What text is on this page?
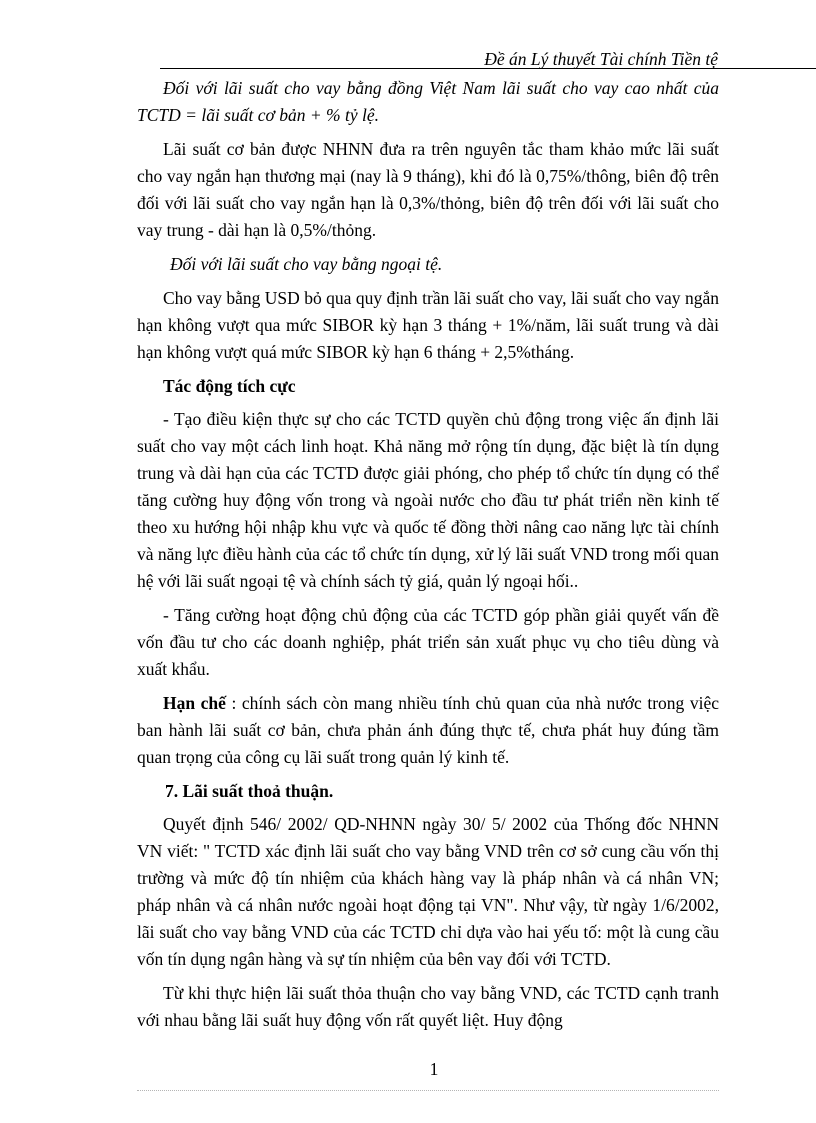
Đề án Lý thuyết Tài chính Tiền tệ

Đối với lãi suất cho vay bằng đồng Việt Nam lãi suất cho vay cao nhất của TCTD = lãi suất cơ bản + % tỷ lệ.

Lãi suất cơ bản được NHNN đưa ra trên nguyên tắc tham khảo mức lãi suất cho vay ngắn hạn thương mại (nay là 9 tháng), khi đó là 0,75%/thông, biên độ trên đối với lãi suất cho vay ngắn hạn là 0,3%/thỏng, biên độ trên đối với lãi suất cho vay trung - dài hạn là 0,5%/thỏng.

Đối với lãi suất cho vay bằng ngoại tệ.

Cho vay bằng USD bỏ qua quy định trần lãi suất cho vay, lãi suất cho vay ngắn hạn không vượt qua mức SIBOR kỳ hạn 3 tháng + 1%/năm, lãi suất trung và dài hạn không vượt quá mức SIBOR kỳ hạn 6 tháng + 2,5%tháng.

Tác động tích cực

- Tạo điều kiện thực sự cho các TCTD quyền chủ động trong việc ấn định lãi suất cho vay một cách linh hoạt. Khả năng mở rộng tín dụng, đặc biệt là tín dụng trung và dài hạn của các TCTD được giải phóng, cho phép tổ chức tín dụng có thể tăng cường huy động vốn trong và ngoài nước cho đầu tư phát triển nền kinh tế theo xu hướng hội nhập khu vực và quốc tế đồng thời nâng cao năng lực tài chính và năng lực điều hành của các tổ chức tín dụng, xử lý lãi suất VND trong mối quan hệ với lãi suất ngoại tệ và chính sách tỷ giá, quản lý ngoại hối..

- Tăng cường hoạt động chủ động của các TCTD góp phần giải quyết vấn đề vốn đầu tư cho các doanh nghiệp, phát triển sản xuất phục vụ cho tiêu dùng và xuất khẩu.

Hạn chế : chính sách còn mang nhiều tính chủ quan của nhà nước trong việc ban hành lãi suất cơ bản, chưa phản ánh đúng thực tế, chưa phát huy đúng tầm quan trọng của công cụ lãi suất trong quản lý kinh tế.

7. Lãi suất thoả thuận.

Quyết định 546/ 2002/ QD-NHNN ngày 30/ 5/ 2002 của Thống đốc NHNN VN viết: " TCTD xác định lãi suất cho vay bằng VND trên cơ sở cung cầu vốn thị trường và mức độ tín nhiệm của khách hàng vay là pháp nhân và cá nhân VN; pháp nhân và cá nhân nước ngoài hoạt động tại VN". Như vậy, từ ngày 1/6/2002, lãi suất cho vay bằng VND của các TCTD chỉ dựa vào hai yếu tố: một là cung cầu vốn tín dụng ngân hàng và sự tín nhiệm của bên vay đối với TCTD.

Từ khi thực hiện lãi suất thỏa thuận cho vay bằng VND, các TCTD cạnh tranh với nhau bằng lãi suất huy động vốn rất quyết liệt. Huy động

1
